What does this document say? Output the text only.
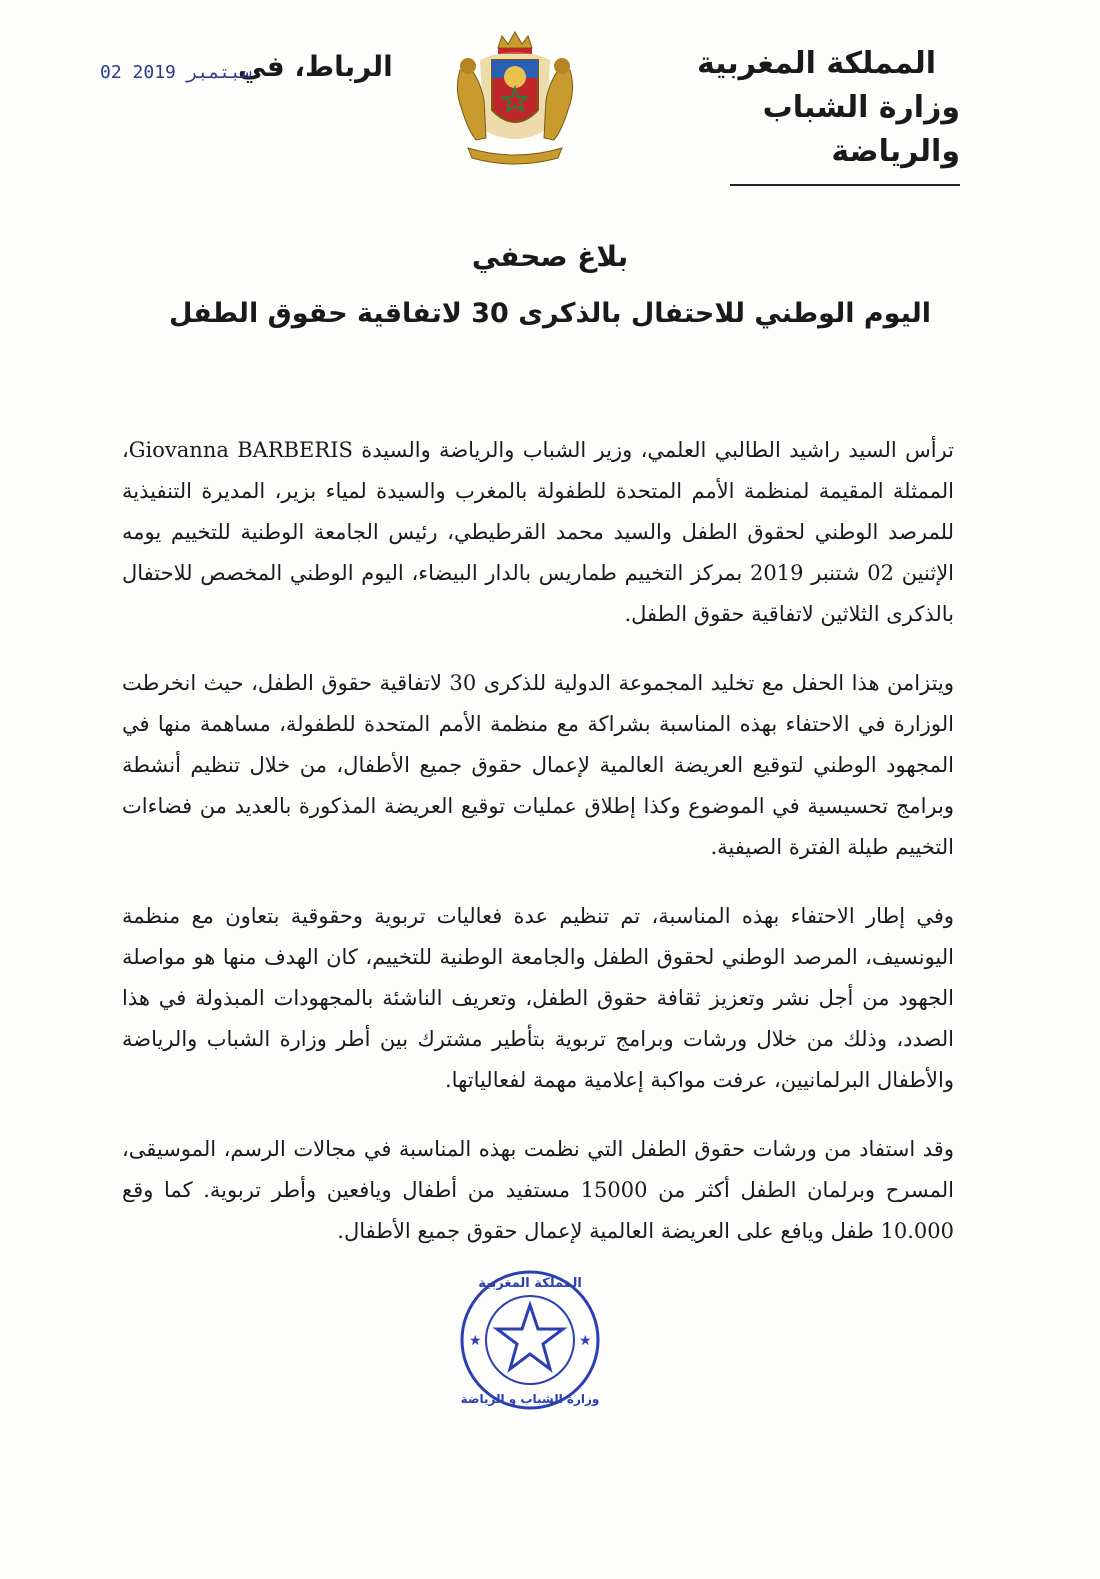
المملكة المغربية
وزارة الشباب والرياضة
الرباط، في
02 سبتمبر 2019
بلاغ صحفي
اليوم الوطني للاحتفال بالذكرى 30 لاتفاقية حقوق الطفل

ترأس السيد راشيد الطالبي العلمي، وزير الشباب والرياضة والسيدة Giovanna BARBERIS، الممثلة المقيمة لمنظمة الأمم المتحدة للطفولة بالمغرب والسيدة لمياء بزير، المديرة التنفيذية للمرصد الوطني لحقوق الطفل والسيد محمد القرطيطي، رئيس الجامعة الوطنية للتخييم يومه الإثنين 02 شتنبر 2019 بمركز التخييم طماريس بالدار البيضاء، اليوم الوطني المخصص للاحتفال بالذكرى الثلاثين لاتفاقية حقوق الطفل.

ويتزامن هذا الحفل مع تخليد المجموعة الدولية للذكرى 30 لاتفاقية حقوق الطفل، حيث انخرطت الوزارة في الاحتفاء بهذه المناسبة بشراكة مع منظمة الأمم المتحدة للطفولة، مساهمة منها في المجهود الوطني لتوقيع العريضة العالمية لإعمال حقوق جميع الأطفال، من خلال تنظيم أنشطة وبرامج تحسيسية في الموضوع وكذا إطلاق عمليات توقيع العريضة المذكورة بالعديد من فضاءات التخييم طيلة الفترة الصيفية.

وفي إطار الاحتفاء بهذه المناسبة، تم تنظيم عدة فعاليات تربوية وحقوقية بتعاون مع منظمة اليونسيف، المرصد الوطني لحقوق الطفل والجامعة الوطنية للتخييم، كان الهدف منها هو مواصلة الجهود من أجل نشر وتعزيز ثقافة حقوق الطفل، وتعريف الناشئة بالمجهودات المبذولة في هذا الصدد، وذلك من خلال ورشات وبرامج تربوية بتأطير مشترك بين أطر وزارة الشباب والرياضة والأطفال البرلمانيين، عرفت مواكبة إعلامية مهمة لفعالياتها.

وقد استفاد من ورشات حقوق الطفل التي نظمت بهذه المناسبة في مجالات الرسم، الموسيقى، المسرح وبرلمان الطفل أكثر من 15000 مستفيد من أطفال ويافعين وأطر تربوية. كما وقع 10.000 طفل ويافع على العريضة العالمية لإعمال حقوق جميع الأطفال.

المملكة المغربية
وزارة الشباب و الرياضة
★	★
